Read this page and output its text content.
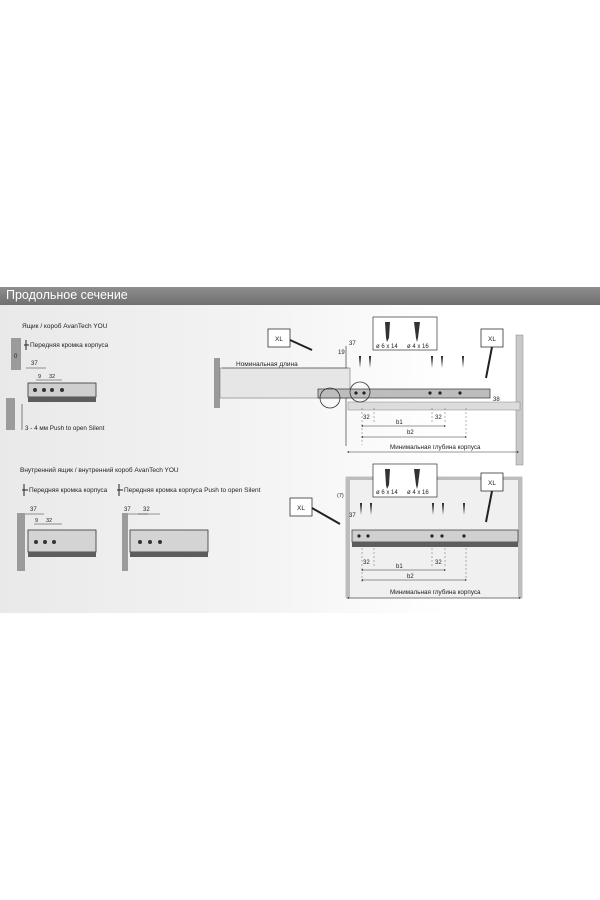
Продольное сечение
Ящик / короб AvanTech YOU
Передняя кромка корпуса
0
37
9 32
3 - 4 мм Push to open Silent
Внутренний ящик / внутренний короб AvanTech YOU
Передняя кромка корпуса
37
9 32
Передняя кромка корпуса Push to open Silent
37 32
Номинальная длина
XL	XL
ø 6 x 14 ø 4 x 16
37
19
38
32	32
b1
b2
Минимальная глубина корпуса
ø 6 x 14 ø 4 x 16
XL
XL
(7)
37
32	32
b1
b2
Минимальная глубина корпуса
